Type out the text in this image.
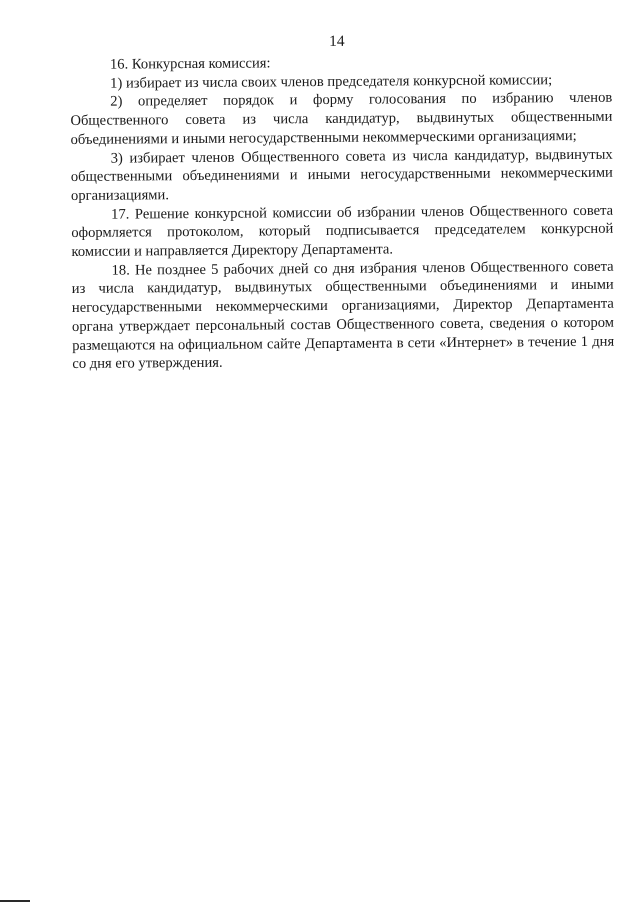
14

16. Конкурсная комиссия:

1) избирает из числа своих членов председателя конкурсной комиссии;

2) определяет порядок и форму голосования по избранию членов Общественного совета из числа кандидатур, выдвинутых общественными объединениями и иными негосударственными некоммерческими организациями;

3) избирает членов Общественного совета из числа кандидатур, выдвинутых общественными объединениями и иными негосударственными некоммерческими организациями.

17. Решение конкурсной комиссии об избрании членов Общественного совета оформляется протоколом, который подписывается председателем конкурсной комиссии и направляется Директору Департамента.

18. Не позднее 5 рабочих дней со дня избрания членов Общественного совета из числа кандидатур, выдвинутых общественными объединениями и иными негосударственными некоммерческими организациями, Директор Департамента органа утверждает персональный состав Общественного совета, сведения о котором размещаются на официальном сайте Департамента в сети «Интернет» в течение 1 дня со дня его утверждения.
